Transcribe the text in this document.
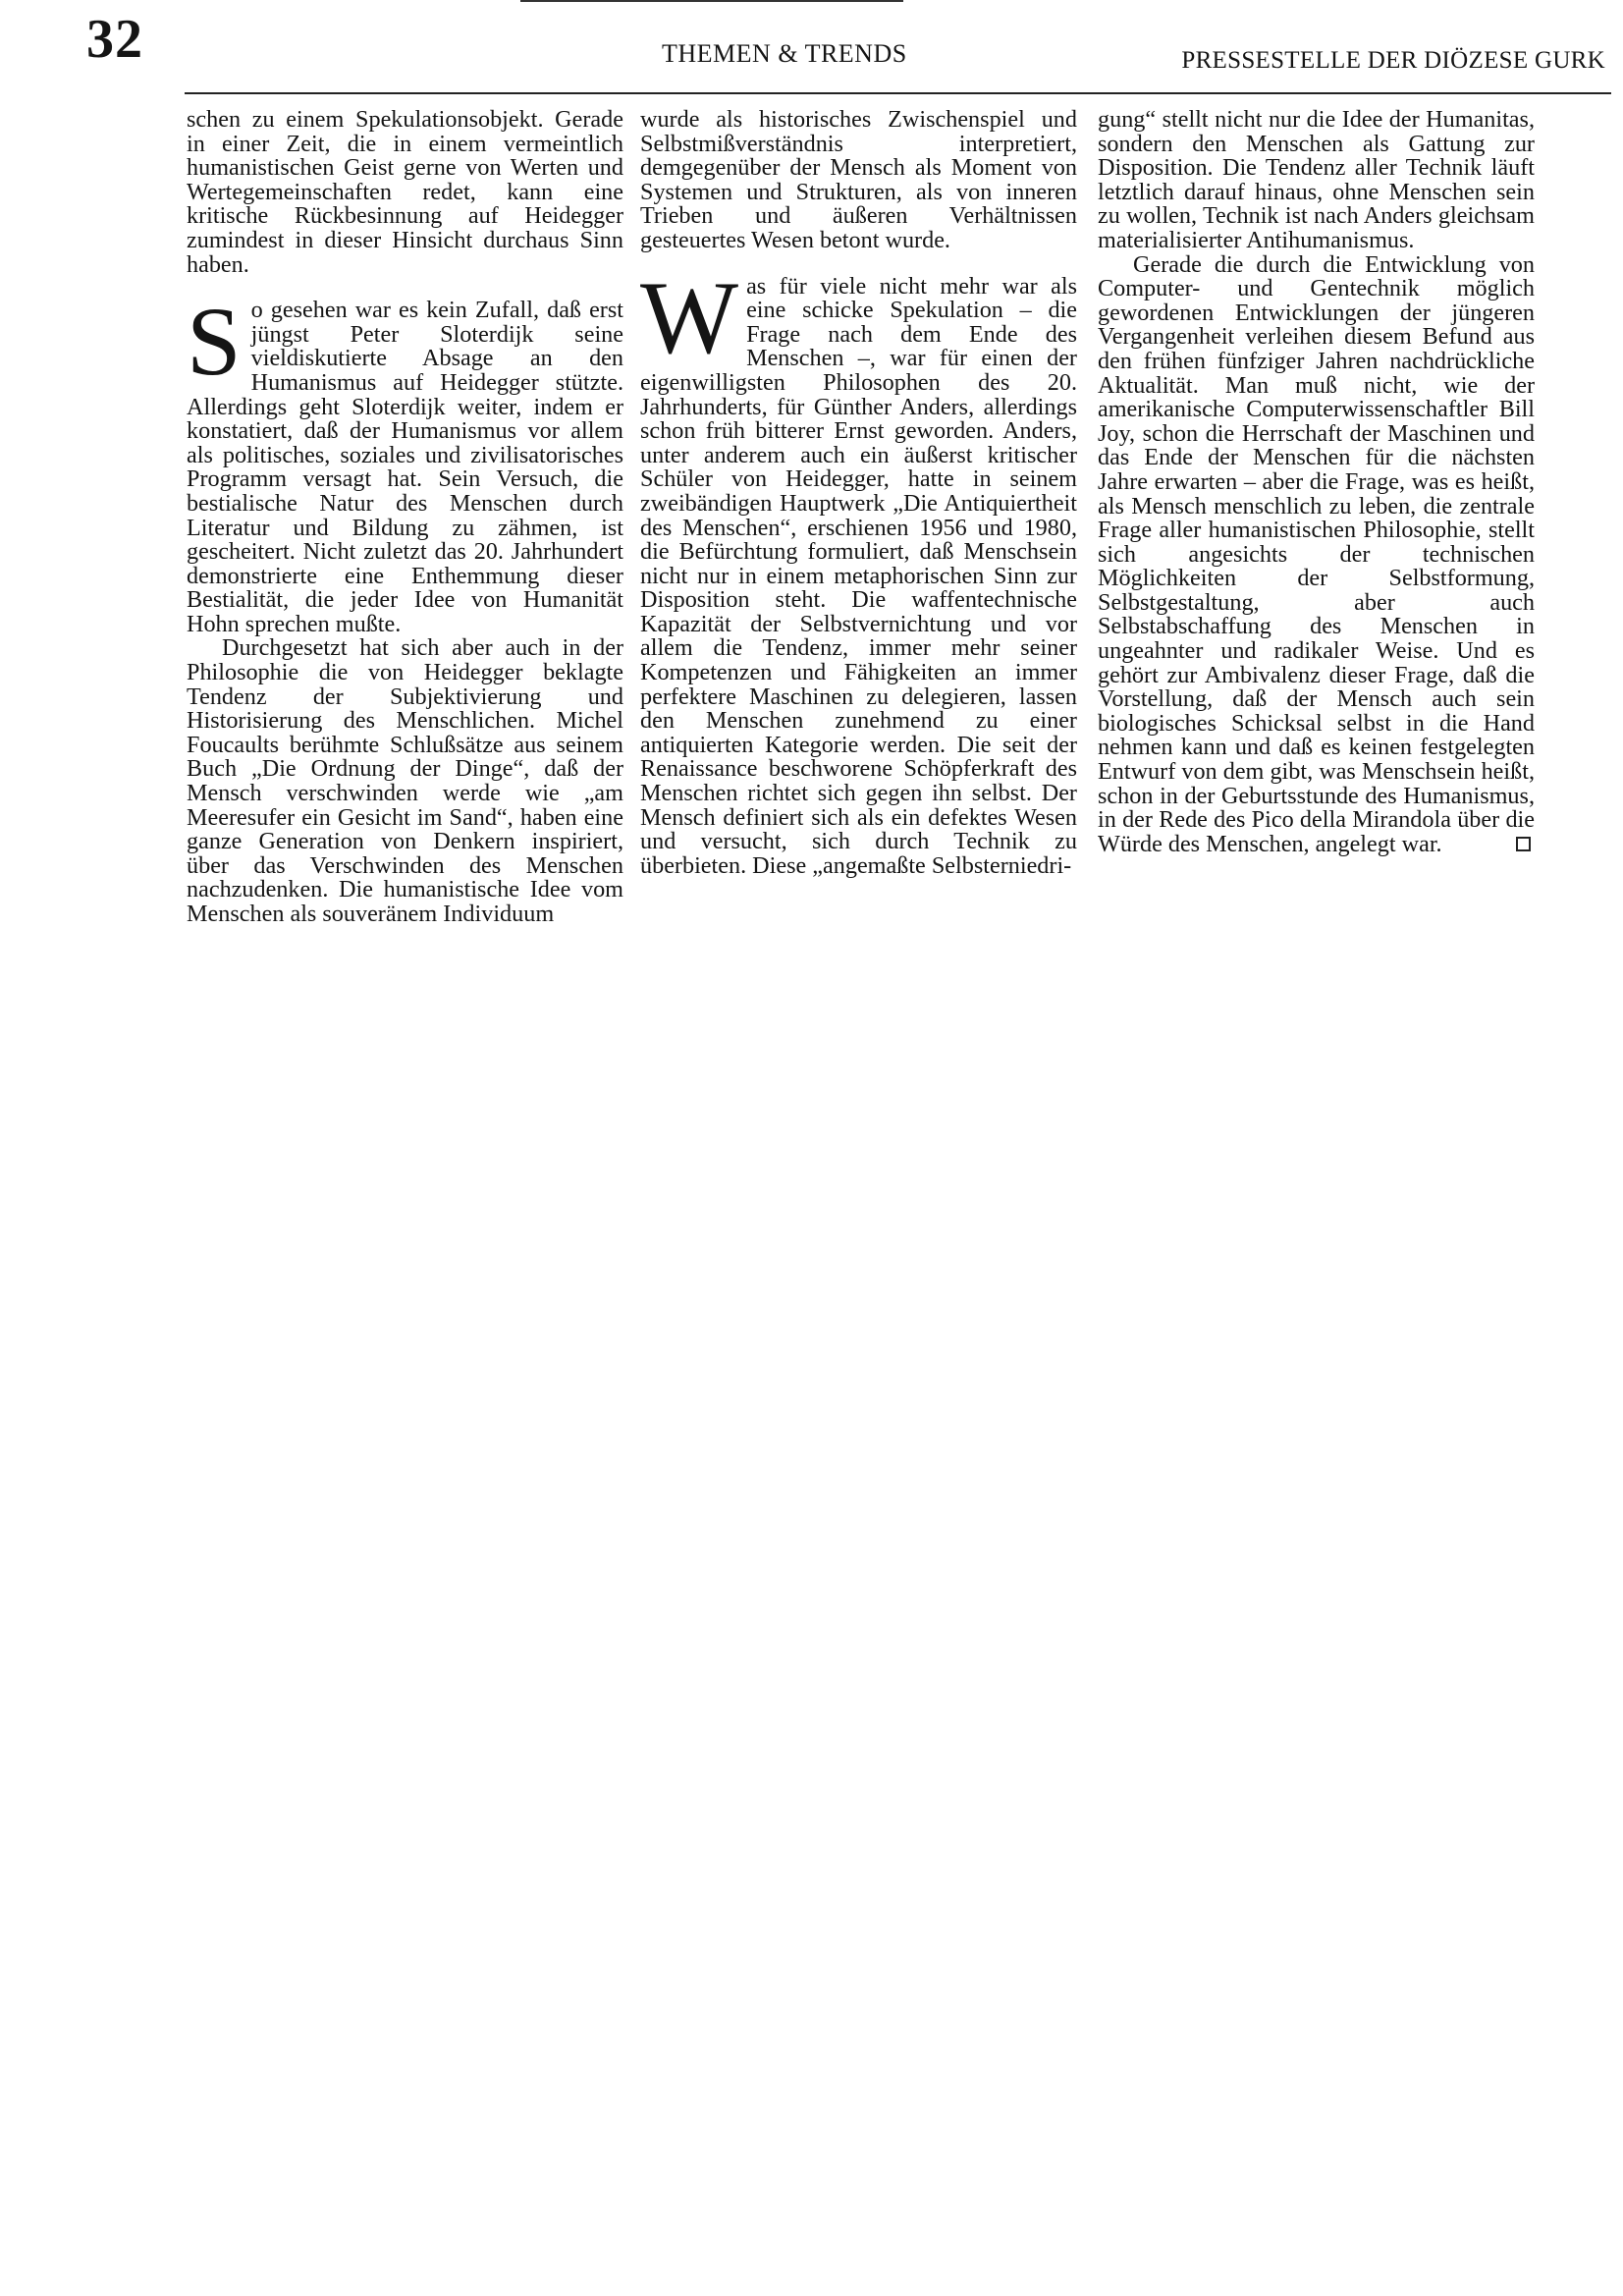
32	THEMEN & TRENDS	PRESSESTELLE DER DIÖZESE GURK

schen zu einem Spekulationsobjekt. Gerade in einer Zeit, die in einem vermeintlich humanistischen Geist gerne von Werten und Wertegemeinschaften redet, kann eine kritische Rückbesinnung auf Heidegger zumindest in dieser Hinsicht durchaus Sinn haben.

So gesehen war es kein Zufall, daß erst jüngst Peter Sloterdijk seine vieldiskutierte Absage an den Humanismus auf Heidegger stützte. Allerdings geht Sloterdijk weiter, indem er konstatiert, daß der Humanismus vor allem als politisches, soziales und zivilisatorisches Programm versagt hat. Sein Versuch, die bestialische Natur des Menschen durch Literatur und Bildung zu zähmen, ist gescheitert. Nicht zuletzt das 20. Jahrhundert demonstrierte eine Enthemmung dieser Bestialität, die jeder Idee von Humanität Hohn sprechen mußte.

Durchgesetzt hat sich aber auch in der Philosophie die von Heidegger beklagte Tendenz der Subjektivierung und Historisierung des Menschlichen. Michel Foucaults berühmte Schlußsätze aus seinem Buch „Die Ordnung der Dinge“, daß der Mensch verschwinden werde wie „am Meeresufer ein Gesicht im Sand“, haben eine ganze Generation von Denkern inspiriert, über das Verschwinden des Menschen nachzudenken. Die humanistische Idee vom Menschen als souveränem Individuum

wurde als historisches Zwischenspiel und Selbstmißverständnis interpretiert, demgegenüber der Mensch als Moment von Systemen und Strukturen, als von inneren Trieben und äußeren Verhältnissen gesteuertes Wesen betont wurde.

Was für viele nicht mehr war als eine schicke Spekulation – die Frage nach dem Ende des Menschen –, war für einen der eigenwilligsten Philosophen des 20. Jahrhunderts, für Günther Anders, allerdings schon früh bitterer Ernst geworden. Anders, unter anderem auch ein äußerst kritischer Schüler von Heidegger, hatte in seinem zweibändigen Hauptwerk „Die Antiquiertheit des Menschen“, erschienen 1956 und 1980, die Befürchtung formuliert, daß Menschsein nicht nur in einem metaphorischen Sinn zur Disposition steht. Die waffentechnische Kapazität der Selbstvernichtung und vor allem die Tendenz, immer mehr seiner Kompetenzen und Fähigkeiten an immer perfektere Maschinen zu delegieren, lassen den Menschen zunehmend zu einer antiquierten Kategorie werden. Die seit der Renaissance beschworene Schöpferkraft des Menschen richtet sich gegen ihn selbst. Der Mensch definiert sich als ein defektes Wesen und versucht, sich durch Technik zu überbieten. Diese „angemaßte Selbsterniedri-

gung“ stellt nicht nur die Idee der Humanitas, sondern den Menschen als Gattung zur Disposition. Die Tendenz aller Technik läuft letztlich darauf hinaus, ohne Menschen sein zu wollen, Technik ist nach Anders gleichsam materialisierter Antihumanismus.

Gerade die durch die Entwicklung von Computer- und Gentechnik möglich gewordenen Entwicklungen der jüngeren Vergangenheit verleihen diesem Befund aus den frühen fünfziger Jahren nachdrückliche Aktualität. Man muß nicht, wie der amerikanische Computerwissenschaftler Bill Joy, schon die Herrschaft der Maschinen und das Ende der Menschen für die nächsten Jahre erwarten – aber die Frage, was es heißt, als Mensch menschlich zu leben, die zentrale Frage aller humanistischen Philosophie, stellt sich angesichts der technischen Möglichkeiten der Selbstformung, Selbstgestaltung, aber auch Selbstabschaffung des Menschen in ungeahnter und radikaler Weise. Und es gehört zur Ambivalenz dieser Frage, daß die Vorstellung, daß der Mensch auch sein biologisches Schicksal selbst in die Hand nehmen kann und daß es keinen festgelegten Entwurf von dem gibt, was Menschsein heißt, schon in der Geburtsstunde des Humanismus, in der Rede des Pico della Mirandola über die Würde des Menschen, angelegt war.
